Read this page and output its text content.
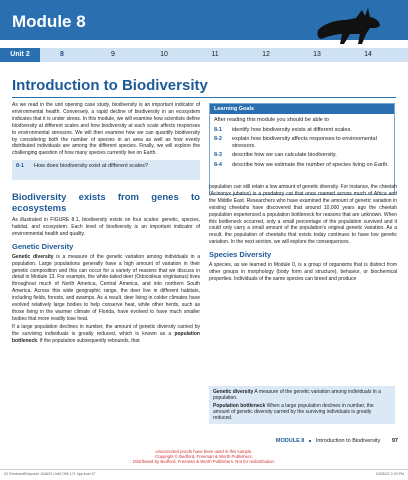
Module 8
Unit 2	8	9	10	11	12	13	14
Introduction to Biodiversity
As we read in the unit opening case study, biodiversity is an important indicator of environmental health. Conversely, a rapid decline of biodiversity in an ecosystem indicates that it is under stress. In this module, we will examine how scientists define biodiversity at different scales and how biodiversity at each scale affects responses to environmental stressors. We will then examine how we can quantify biodiversity by considering both the number of species in an area as well as how evenly distributed individuals are among the different species. Finally, we will explore the challenging question of how many species currently live on Earth.
Learning Goals
After reading this module you should be able to
8-1	identify how biodiversity exists at different scales.
8-2	explain how biodiversity affects responses to environmental stressors.
8-3	describe how we can calculate biodiversity.
8-4	describe how we estimate the number of species living on Earth.
8-1	How does biodiversity exist at different scales?
Biodiversity exists from genes to ecosystems

As illustrated in FIGURE 8.1, biodiversity exists on four scales: genetic, species, habitat, and ecosystem. Each level of biodiversity is an important indicator of environmental health and quality.

Genetic Diversity

Genetic diversity is a measure of the genetic variation among individuals in a population. Large populations generally have a high amount of variation in their genetic composition and this can occur for a variety of reasons that we discuss in detail in Module 13. For example, the white-tailed deer (Odocoileus virginianus) lives throughout much of North America, Central America, and into northern South America. Across this wide geographic range, the deer live in different habitats, including fields, forests, and swamps. As a result, deer living in colder climates have evolved relatively large bodies to help conserve heat, while other herds, such as those living in the warmer climate of Florida, have evolved to have much smaller bodies that more readily lose heat.

If a large population declines in number, the amount of genetic diversity carried by the surviving individuals is greatly reduced, which is known as a population bottleneck. If the population subsequently rebounds, that

population can still retain a low amount of genetic diversity. For instance, the cheetah (Acinonyx jubatus) is a predatory cat that once roamed across much of Africa and the Middle East. Researchers who have examined the amount of genetic variation in existing cheetahs have discovered that around 10,000 years ago the cheetah population experienced a population bottleneck for reasons that are unknown. When this bottleneck occurred, only a small percentage of the population survived and it could only carry a small amount of the population's original genetic variation. As a result, the population of cheetahs that exists today continues to have low genetic variation. In the next section, we will explore the consequences.

Species Diversity

A species, as we learned in Module 0, is a group of organisms that is distinct from other groups in morphology (body form and structure), behavior, or biochemical properties. Individuals of the same species can breed and produce

Genetic diversity A measure of the genetic variation among individuals in a population.
Population bottleneck When a large population declines in number, the amount of genetic diversity carried by the surviving individuals is greatly reduced.
MODULE 8 ■ Introduction to Biodiversity 97
Uncorrected proofs have been used in this sample.
Copyright © Bedford, Freeman & Worth Publishers.
Distributed by Bedford, Freeman & Worth Publishers. Not for redistribution.
03 FriedlandRelyea4e 164620 Unit2 096-171 4pp.indd 97	10/06/22 2:20 PM
